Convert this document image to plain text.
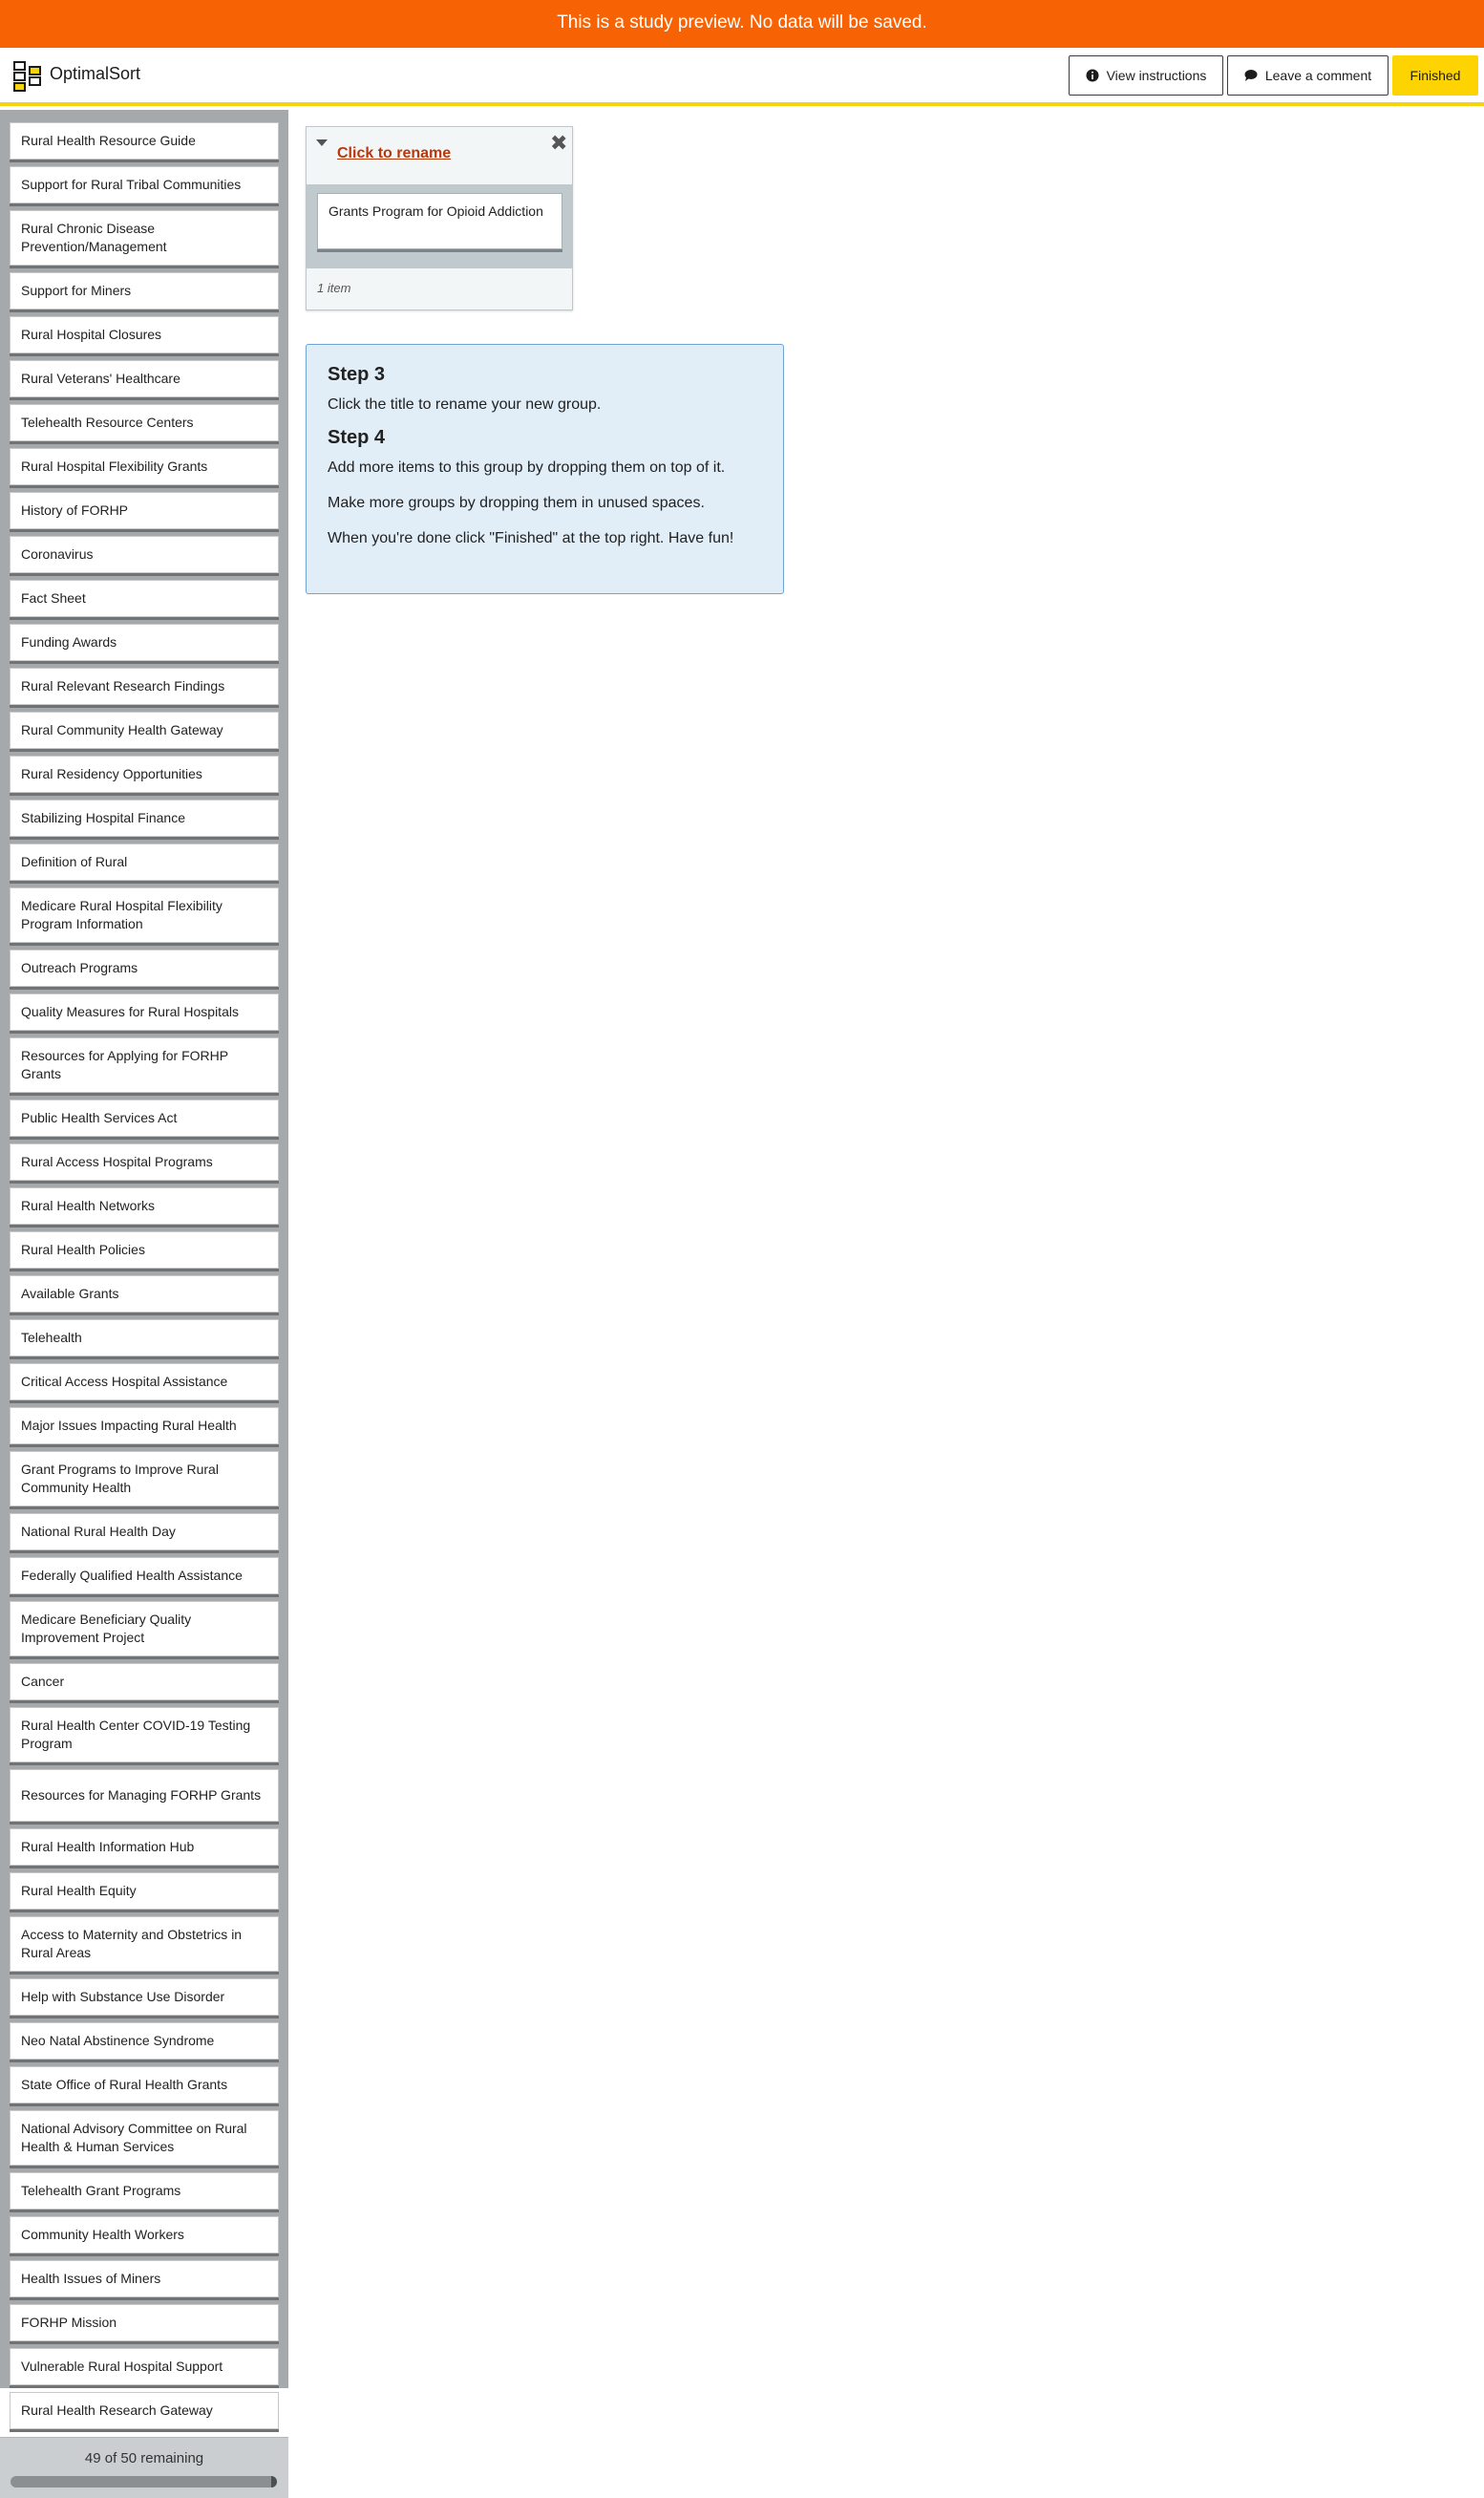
This is a study preview. No data will be saved.
OptimalSort	View instructions	Leave a comment	Finished
Rural Health Resource Guide
Support for Rural Tribal Communities
Rural Chronic Disease Prevention/Management
Support for Miners
Rural Hospital Closures
Rural Veterans' Healthcare
Telehealth Resource Centers
Rural Hospital Flexibility Grants
History of FORHP
Coronavirus
Fact Sheet
Funding Awards
Rural Relevant Research Findings
Rural Community Health Gateway
Rural Residency Opportunities
Stabilizing Hospital Finance
Definition of Rural
Medicare Rural Hospital Flexibility Program Information
Outreach Programs
Quality Measures for Rural Hospitals
Resources for Applying for FORHP Grants
Public Health Services Act
Rural Access Hospital Programs
Rural Health Networks
Rural Health Policies
Available Grants
Telehealth
Critical Access Hospital Assistance
Major Issues Impacting Rural Health
Grant Programs to Improve Rural Community Health
National Rural Health Day
Federally Qualified Health Assistance
Medicare Beneficiary Quality Improvement Project
Cancer
Rural Health Center COVID-19 Testing Program
Resources for Managing FORHP Grants
Rural Health Information Hub
Rural Health Equity
Access to Maternity and Obstetrics in Rural Areas
Help with Substance Use Disorder
Neo Natal Abstinence Syndrome
State Office of Rural Health Grants
National Advisory Committee on Rural Health & Human Services
Telehealth Grant Programs
Community Health Workers
Health Issues of Miners
FORHP Mission
Vulnerable Rural Hospital Support
Rural Health Research Gateway
49 of 50 remaining
Click to rename	✖
Grants Program for Opioid Addiction
1 item
Step 3

Click the title to rename your new group.

Step 4

Add more items to this group by dropping them on top of it.

Make more groups by dropping them in unused spaces.

When you're done click "Finished" at the top right. Have fun!
